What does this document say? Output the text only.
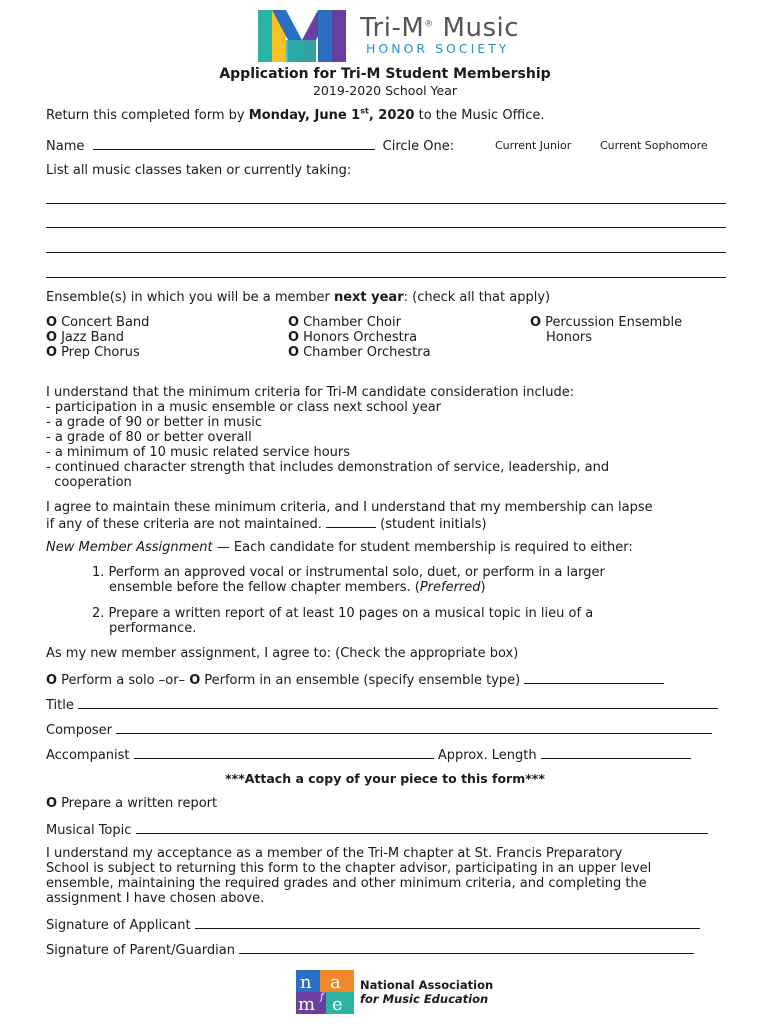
Tri-M® Music
HONOR SOCIETY
Application for Tri-M Student Membership
2019-2020 School Year
Return this completed form by Monday, June 1st, 2020 to the Music Office.
Name	Circle One:	Current Junior	Current Sophomore
List all music classes taken or currently taking:
Ensemble(s) in which you will be a member next year: (check all that apply)
O Concert Band
O Jazz Band
O Prep Chorus
O Chamber Choir
O Honors Orchestra
O Chamber Orchestra
O Percussion Ensemble
Honors
I understand that the minimum criteria for Tri-M candidate consideration include:
- participation in a music ensemble or class next school year
- a grade of 90 or better in music
- a grade of 80 or better overall
- a minimum of 10 music related service hours
- continued character strength that includes demonstration of service, leadership, and
cooperation
I agree to maintain these minimum criteria, and I understand that my membership can lapse
if any of these criteria are not maintained.	(student initials)
New Member Assignment — Each candidate for student membership is required to either:
1. Perform an approved vocal or instrumental solo, duet, or perform in a larger
ensemble before the fellow chapter members. (Preferred)
2. Prepare a written report of at least 10 pages on a musical topic in lieu of a
performance.
As my new member assignment, I agree to: (Check the appropriate box)
O Perform a solo –or– O Perform in an ensemble (specify ensemble type)
Title
Composer
Accompanist	Approx. Length
***Attach a copy of your piece to this form***
O Prepare a written report
Musical Topic
I understand my acceptance as a member of the Tri-M chapter at St. Francis Preparatory
School is subject to returning this form to the chapter advisor, participating in an upper level
ensemble, maintaining the required grades and other minimum criteria, and completing the
assignment I have chosen above.
Signature of Applicant
Signature of Parent/Guardian
n a
f
m e
National Association
for Music Education
